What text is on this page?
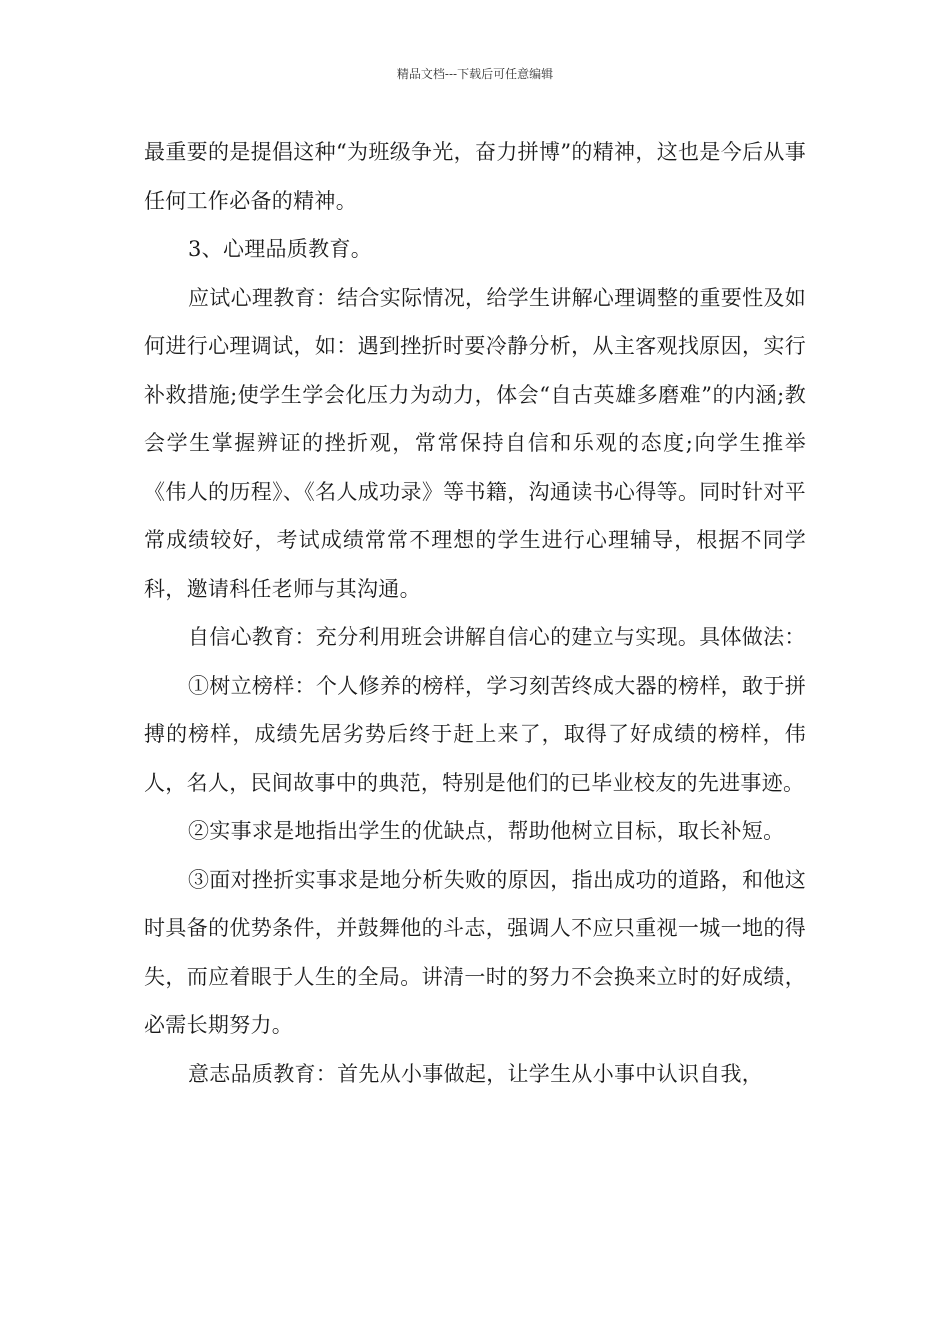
精品文档---下载后可任意编辑

最重要的是提倡这种“为班级争光，奋力拼博”的精神，这也是今后从事任何工作必备的精神。

3、心理品质教育。

应试心理教育：结合实际情况，给学生讲解心理调整的重要性及如何进行心理调试，如：遇到挫折时要冷静分析，从主客观找原因，实行补救措施;使学生学会化压力为动力，体会“自古英雄多磨难”的内涵;教会学生掌握辨证的挫折观，常常保持自信和乐观的态度;向学生推举《伟人的历程》、《名人成功录》等书籍，沟通读书心得等。同时针对平常成绩较好，考试成绩常常不理想的学生进行心理辅导，根据不同学科，邀请科任老师与其沟通。

自信心教育：充分利用班会讲解自信心的建立与实现。具体做法：

①树立榜样：个人修养的榜样，学习刻苦终成大器的榜样，敢于拼搏的榜样，成绩先居劣势后终于赶上来了，取得了好成绩的榜样，伟人，名人，民间故事中的典范，特别是他们的已毕业校友的先进事迹。

②实事求是地指出学生的优缺点，帮助他树立目标，取长补短。

③面对挫折实事求是地分析失败的原因，指出成功的道路，和他这时具备的优势条件，并鼓舞他的斗志，强调人不应只重视一城一地的得失，而应着眼于人生的全局。讲清一时的努力不会换来立时的好成绩，必需长期努力。

意志品质教育：首先从小事做起，让学生从小事中认识自我，
